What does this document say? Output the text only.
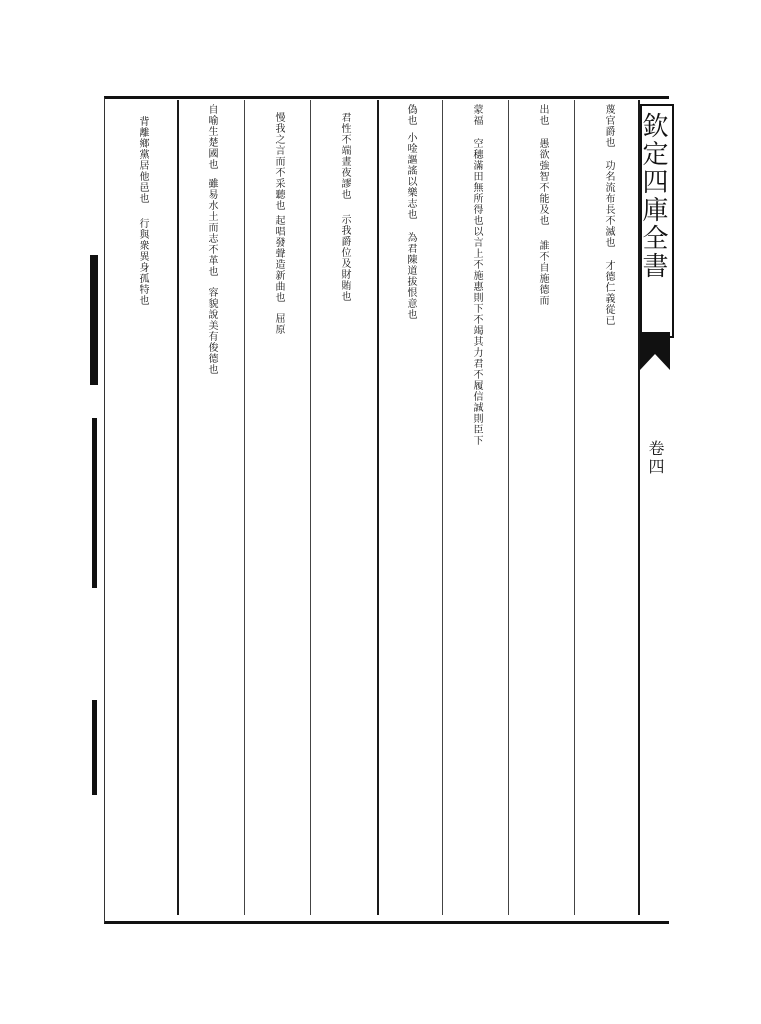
欽定四庫全書
卷四
蔑官爵也功名流布長不滅也才德仁義從已
出也愚欲強智不能及也誰不自施德而
蒙福空穗滿田無所得也以言上不施惠則下不竭其力君不履信誠則臣下
偽也小唫謳謠以樂志也為君陳道拔恨意也
君性不端晝夜謬也示我爵位及財賄也
慢我之言而不采聽也起唱發聲造新曲也屈原
自喻生楚國也雖易水土而志不革也容貌說美有俊德也
背離鄉黨居他邑也行與衆異身孤特也
